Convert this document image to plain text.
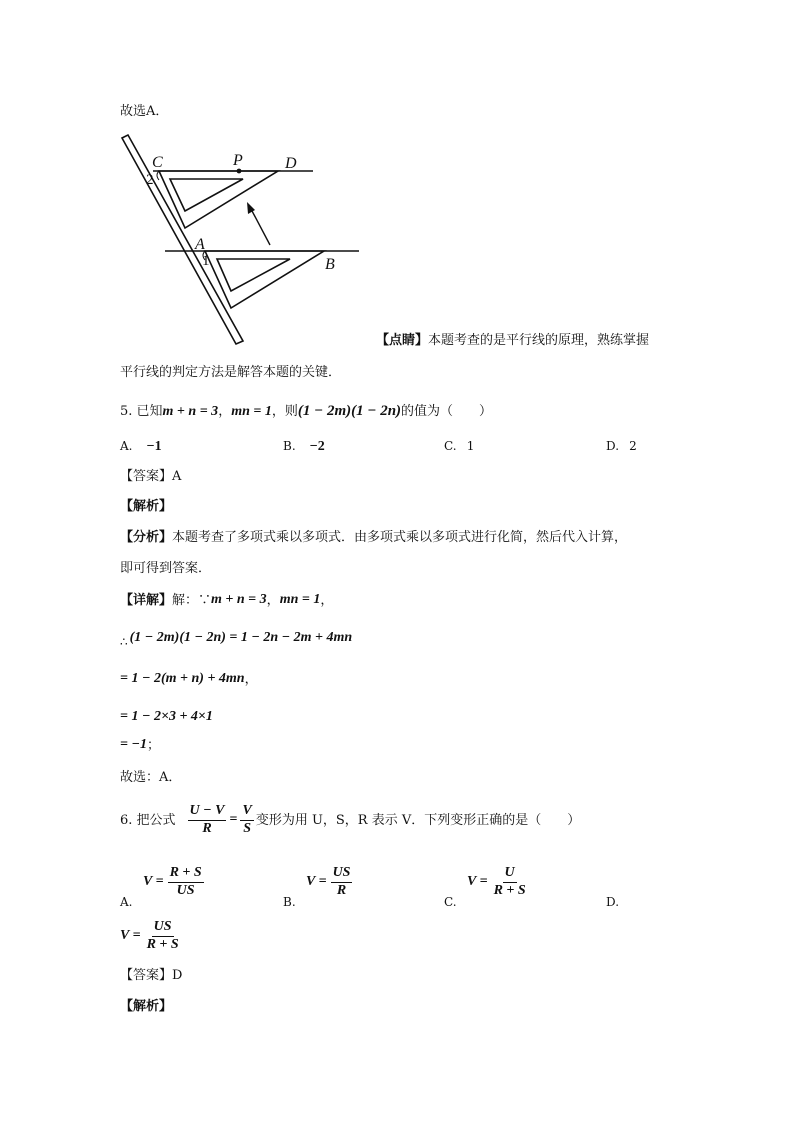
故选A．
C	P	D
2
A
1	B
【点睛】本题考查的是平行线的原理，熟练掌握
平行线的判定方法是解答本题的关键．
5. 已知 m + n = 3 ， mn = 1 ，则 (1 − 2m)(1 − 2n) 的值为（　　）
A. −1	B. −2	C. 1	D. 2
【答案】A
【解析】
【分析】本题考查了多项式乘以多项式．由多项式乘以多项式进行化简，然后代入计算，
即可得到答案．
【详解】 解：∵ m + n = 3 ， mn = 1 ，
∴ (1 − 2m)(1 − 2n) = 1 − 2n − 2m + 4mn
= 1 − 2(m + n) + 4mn ，
= 1 − 2×3 + 4×1
= −1 ；
故选：A．
6. 把公式 $\frac{U - V}{R} = \frac{V}{S}$ 变形为用 U，S，R 表示 V．下列变形正确的是（　　）
$V = \frac{R + S}{US}$
A.
$V = \frac{US}{R}$
B.
$V = \frac{U}{R + S}$
C.	D.
$V = \frac{US}{R + S}$
【答案】D
【解析】
